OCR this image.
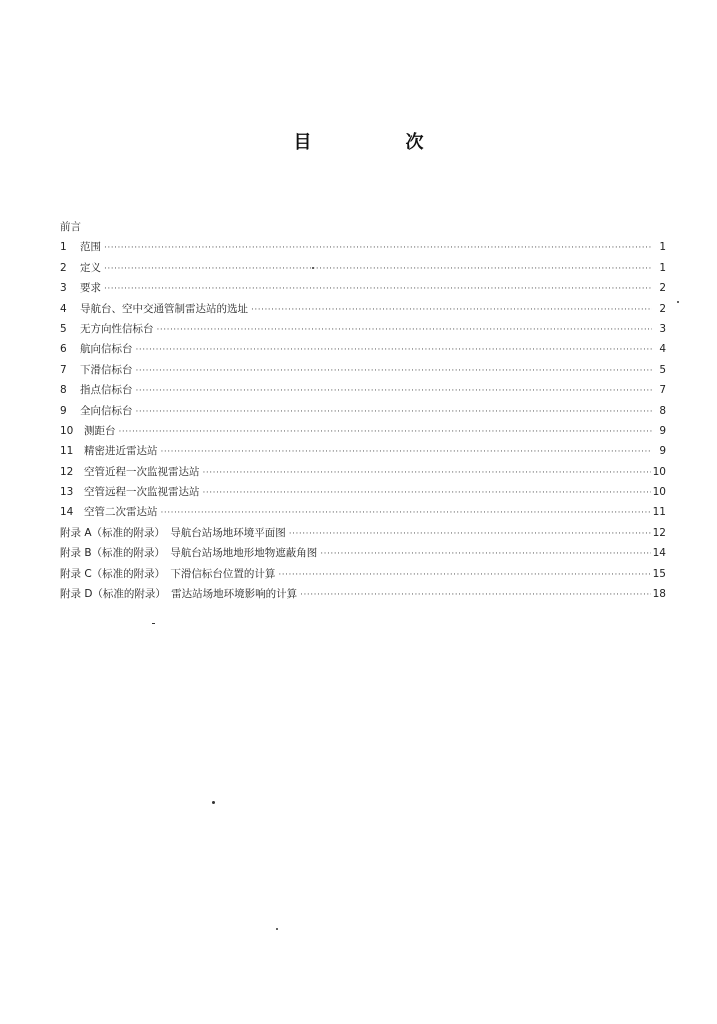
目　次
前言
1	范围 ·····	1
2	定义 ·····	1
3	要求 ·····	2
4	导航台、空中交通管制雷达站的选址 ·····	2
5	无方向性信标台 ·····	3
6	航向信标台 ·····	4
7	下滑信标台 ·····	5
8	指点信标台 ·····	7
9	全向信标台 ·····	8
10	测距台 ·····	9
11	精密进近雷达站 ·····	9
12	空管近程一次监视雷达站 ·····	10
13	空管远程一次监视雷达站 ·····	10
14	空管二次雷达站 ·····	11
附录 A（标准的附录）　导航台站场地环境平面图 ·····	12
附录 B（标准的附录）　导航台站场地地形地物遮蔽角图 ·····	14
附录 C（标准的附录）　下滑信标台位置的计算 ·····	15
附录 D（标准的附录）　雷达站场地环境影响的计算 ·····	18
